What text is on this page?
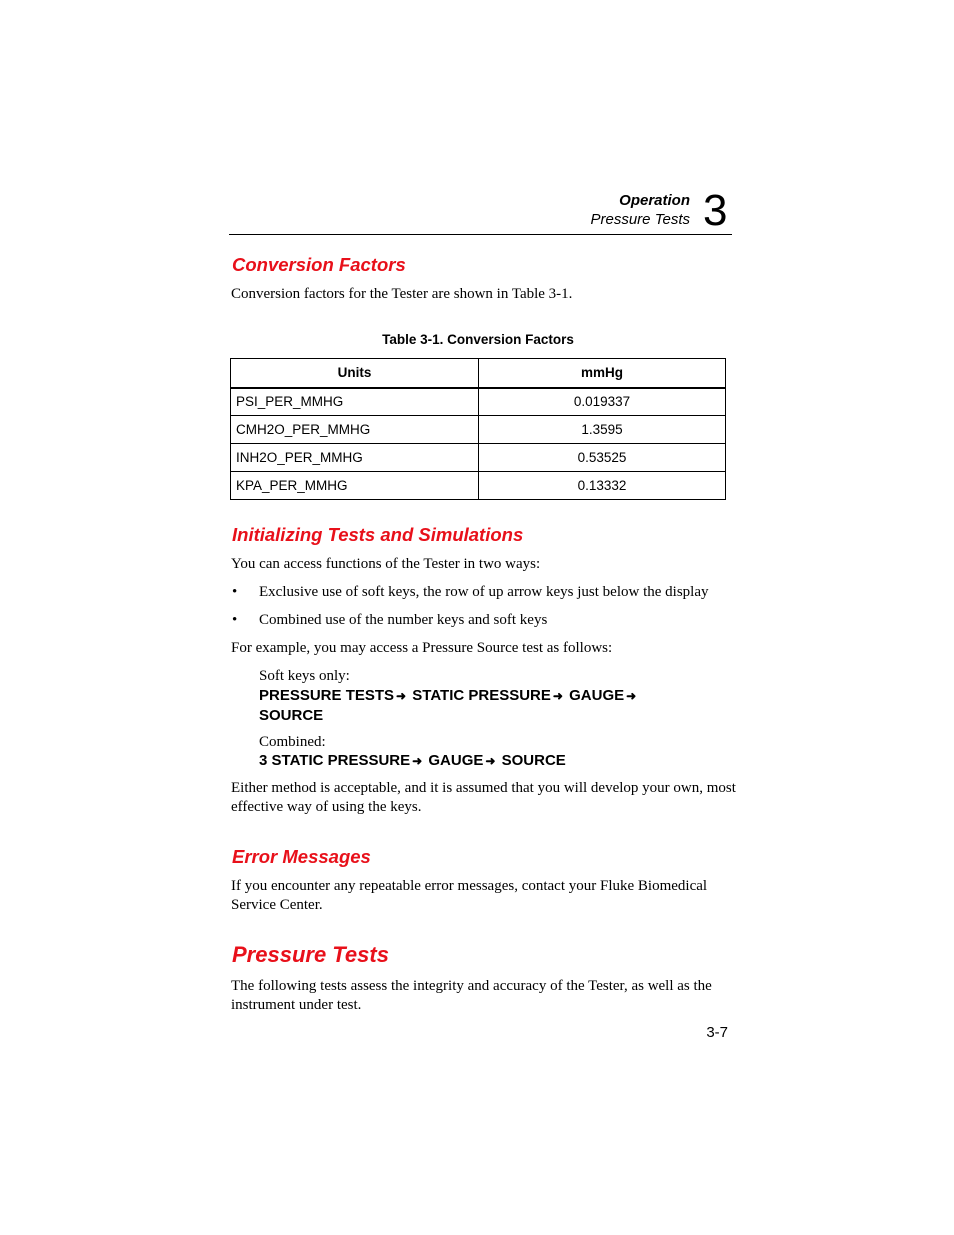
Operation
Pressure Tests 3
Conversion Factors
Conversion factors for the Tester are shown in Table 3-1.
Table 3-1. Conversion Factors
Units	mmHg
PSI_PER_MMHG	0.019337
CMH2O_PER_MMHG	1.3595
INH2O_PER_MMHG	0.53525
KPA_PER_MMHG	0.13332
Initializing Tests and Simulations
You can access functions of the Tester in two ways:
• Exclusive use of soft keys, the row of up arrow keys just below the display
• Combined use of the number keys and soft keys
For example, you may access a Pressure Source test as follows:
Soft keys only:
PRESSURE TESTS ➜ STATIC PRESSURE ➜ GAUGE ➜
SOURCE
Combined:
3 STATIC PRESSURE ➜ GAUGE ➜ SOURCE
Either method is acceptable, and it is assumed that you will develop your own, most effective way of using the keys.
Error Messages
If you encounter any repeatable error messages, contact your Fluke Biomedical Service Center.
Pressure Tests
The following tests assess the integrity and accuracy of the Tester, as well as the instrument under test.
3-7
